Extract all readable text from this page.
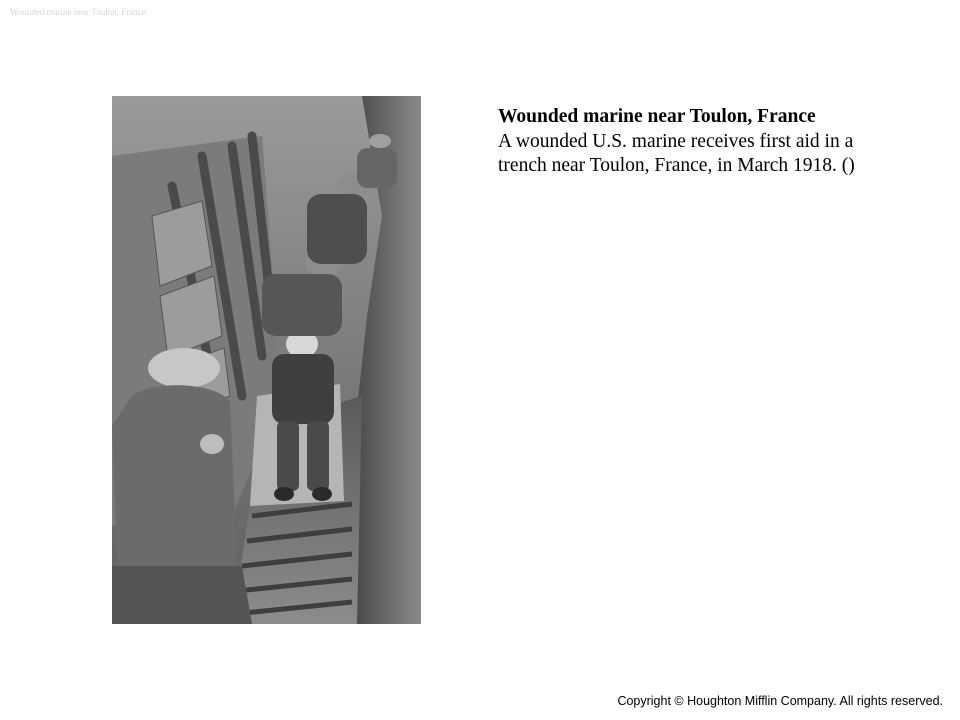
Wounded marine near Toulon, France
Wounded marine near Toulon, France
A wounded U.S. marine receives first aid in a trench near Toulon, France, in March 1918. ()
Copyright © Houghton Mifflin Company. All rights reserved.
